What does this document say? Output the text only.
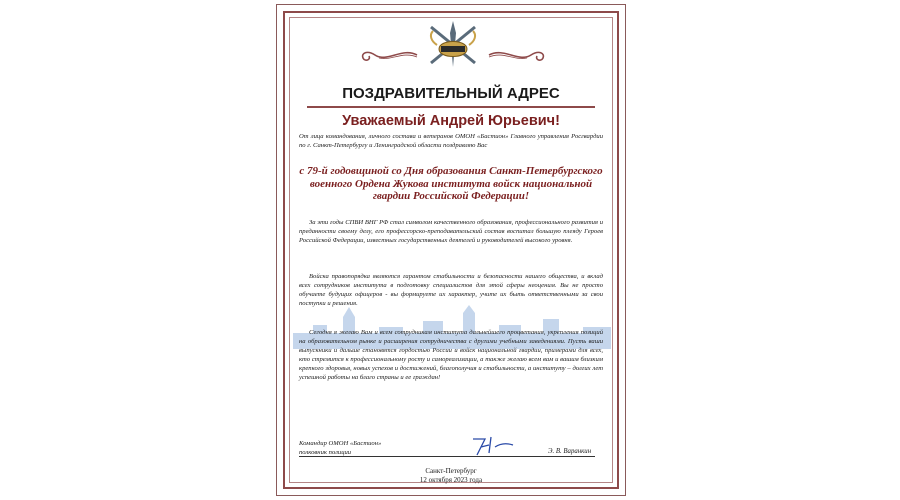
ПОЗДРАВИТЕЛЬНЫЙ АДРЕС
Уважаемый Андрей Юрьевич!
От лица командования, личного состава и ветеранов ОМОН «Бастион» Главного управления Росгвардии по г. Санкт-Петербургу и Ленинградской области поздравляю Вас
с 79-й годовщиной со Дня образования Санкт-Петербургского военного Ордена Жукова института войск национальной гвардии Российской Федерации!
За эти годы СПВИ ВНГ РФ стал символом качественного образования, профессионального развития и преданности своему делу, его профессорско-преподавательский состав воспитал большую плеяду Героев Российской Федерации, известных государственных деятелей и руководителей высокого уровня.
Войска правопорядка являются гарантом стабильности и безопасности нашего общества, и вклад всех сотрудников института в подготовку специалистов для этой сферы неоценим. Вы не просто обучаете будущих офицеров - вы формируете их характер, учите их быть ответственными за свои поступки и решения.
Сегодня я желаю Вам и всем сотрудникам института дальнейшего процветания, укрепления позиций на образовательном рынке и расширения сотрудничества с другими учебными заведениями. Пусть ваши выпускники и дальше становятся гордостью России и войск национальной гвардии, примерами для всех, кто стремится к профессиональному росту и самореализации, а также желаю всем вам и вашим близким крепкого здоровья, новых успехов и достижений, благополучия и стабильности, а институту – долгих лет успешной работы на благо страны и ее граждан!
Командир ОМОН «Бастион»
полковник полиции	Э. В. Варанкин
Санкт-Петербург
12 октября 2023 года
